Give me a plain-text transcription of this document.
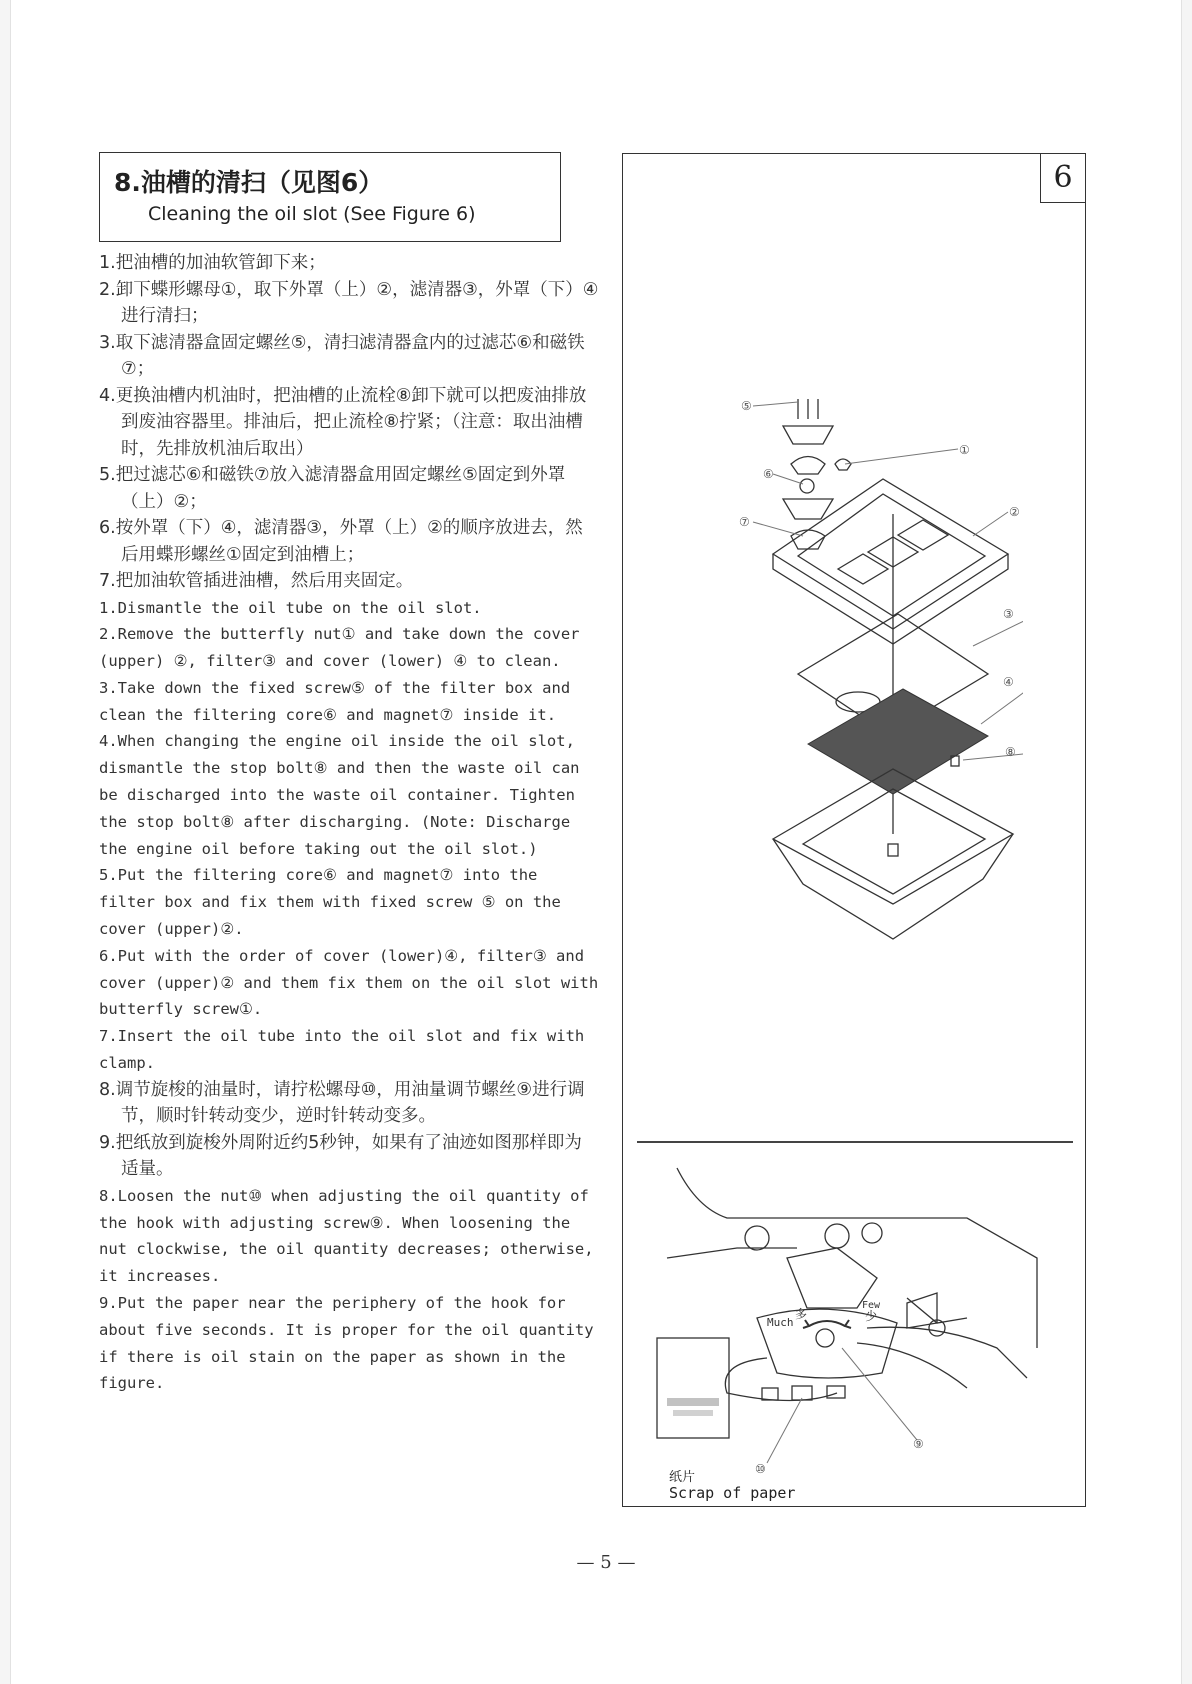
8.油槽的清扫（见图6）
Cleaning the oil slot (See Figure 6)

1.把油槽的加油软管卸下来；

2.卸下蝶形螺母①，取下外罩（上）②，滤清器③，外罩（下）④进行清扫；

3.取下滤清器盒固定螺丝⑤，清扫滤清器盒内的过滤芯⑥和磁铁⑦；

4.更换油槽内机油时，把油槽的止流栓⑧卸下就可以把废油排放到废油容器里。排油后，把止流栓⑧拧紧；（注意：取出油槽时，先排放机油后取出）

5.把过滤芯⑥和磁铁⑦放入滤清器盒用固定螺丝⑤固定到外罩（上）②；

6.按外罩（下）④，滤清器③，外罩（上）②的顺序放进去，然后用蝶形螺丝①固定到油槽上；

7.把加油软管插进油槽，然后用夹固定。

1.Dismantle the oil tube on the oil slot.

2.Remove the butterfly nut① and take down the cover (upper) ②, filter③ and cover (lower) ④ to clean.

3.Take down the fixed screw⑤ of the filter box and clean the filtering core⑥ and magnet⑦ inside it.

4.When changing the engine oil inside the oil slot, dismantle the stop bolt⑧ and then the waste oil can be discharged into the waste oil container. Tighten the stop bolt⑧ after discharging. (Note: Discharge the engine oil before taking out the oil slot.)

5.Put the filtering core⑥ and magnet⑦ into the filter box and fix them with fixed screw ⑤ on the cover (upper)②.

6.Put with the order of cover (lower)④, filter③ and cover (upper)② and them fix them on the oil slot with butterfly screw①.

7.Insert the oil tube into the oil slot and fix with clamp.

8.调节旋梭的油量时，请拧松螺母⑩，用油量调节螺丝⑨进行调节，顺时针转动变少，逆时针转动变多。

9.把纸放到旋梭外周附近约5秒钟，如果有了油迹如图那样即为适量。

8.Loosen the nut⑩ when adjusting the oil quantity of the hook with adjusting screw⑨. When loosening the nut clockwise, the oil quantity decreases; otherwise, it increases.

9.Put the paper near the periphery of the hook for about five seconds. It is proper for the oil quantity if there is oil stain on the paper as shown in the figure.

6
⑤
①
⑥
⑦
②
③
④
⑧
Much
多
Few
少
⑨
⑩
纸片
Scrap of paper
— 5 —
